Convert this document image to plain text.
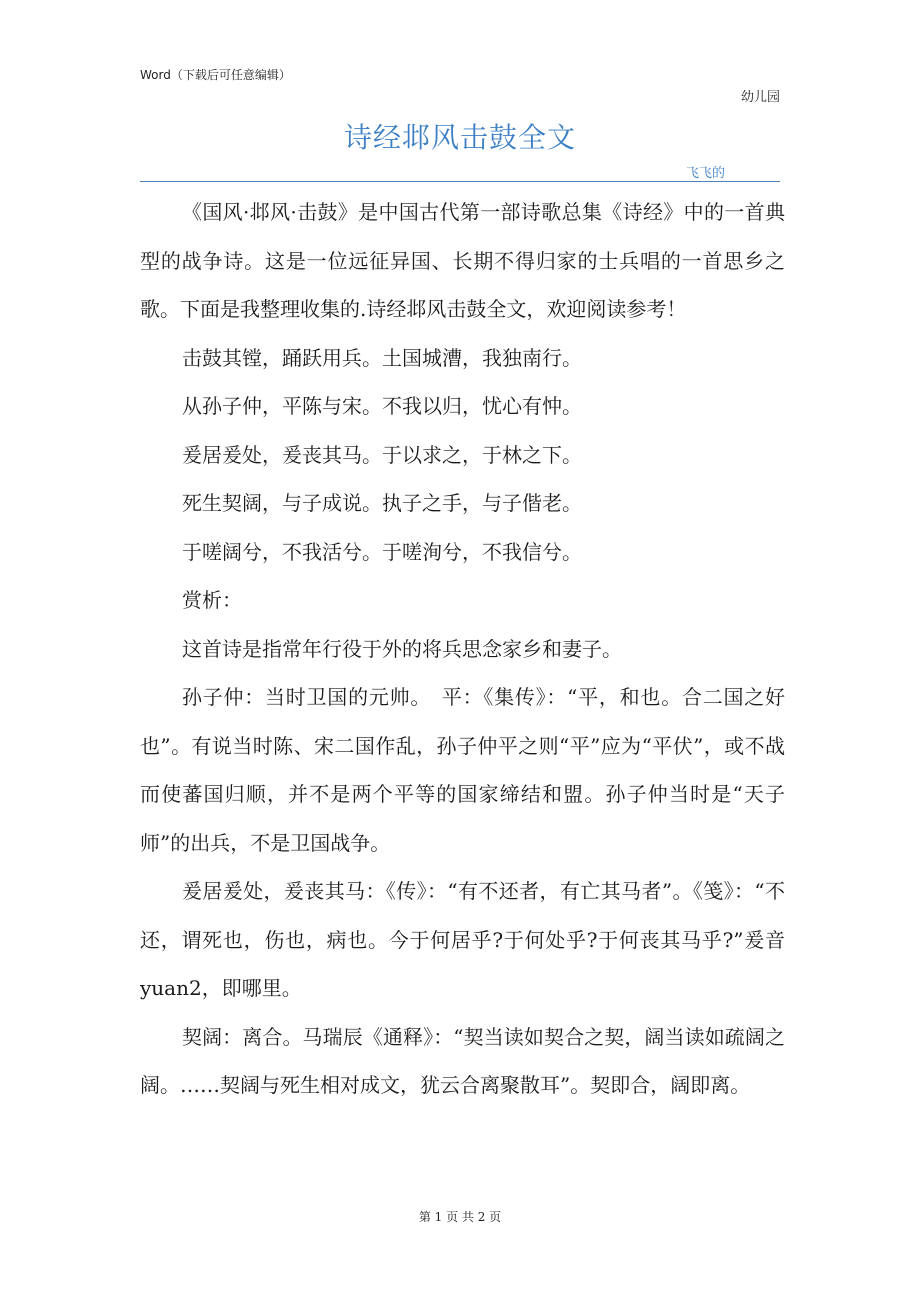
Word（下载后可任意编辑）
幼儿园
诗经邶风击鼓全文
飞飞的

《国风·邶风·击鼓》是中国古代第一部诗歌总集《诗经》中的一首典型的战争诗。这是一位远征异国、长期不得归家的士兵唱的一首思乡之歌。下面是我整理收集的.诗经邶风击鼓全文，欢迎阅读参考！

击鼓其镗，踊跃用兵。土国城漕，我独南行。

从孙子仲，平陈与宋。不我以归，忧心有忡。

爰居爰处，爰丧其马。于以求之，于林之下。

死生契阔，与子成说。执子之手，与子偕老。

于嗟阔兮，不我活兮。于嗟洵兮，不我信兮。

赏析：

这首诗是指常年行役于外的将兵思念家乡和妻子。

孙子仲：当时卫国的元帅。　平：《集传》：“平，和也。合二国之好也”。有说当时陈、宋二国作乱，孙子仲平之则“平”应为“平伏”，或不战而使蕃国归顺，并不是两个平等的国家缔结和盟。孙子仲当时是“天子师”的出兵，不是卫国战争。

爰居爰处，爰丧其马：《传》：“有不还者，有亡其马者”。《笺》：“不还，谓死也，伤也，病也。今于何居乎?于何处乎?于何丧其马乎?”爰音 yuan2，即哪里。

契阔：离合。马瑞辰《通释》：“契当读如契合之契，阔当读如疏阔之阔。……契阔与死生相对成文，犹云合离聚散耳”。契即合，阔即离。

第 1 页 共 2 页
